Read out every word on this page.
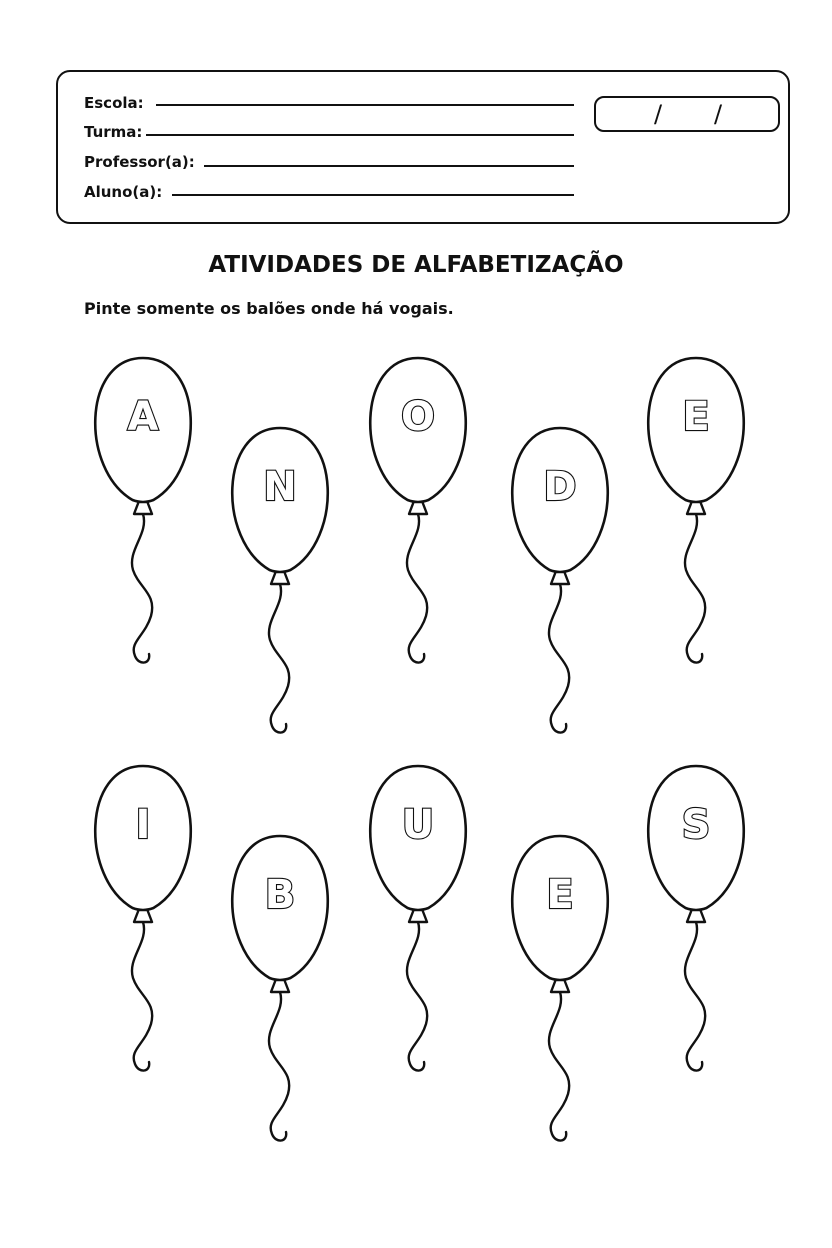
Escola:
Turma:
Professor(a):
Aluno(a):
/ /
ATIVIDADES DE ALFABETIZAÇÃO
Pinte somente os balões onde há vogais.
A
N
O
D
E
I
B
U
E
S
